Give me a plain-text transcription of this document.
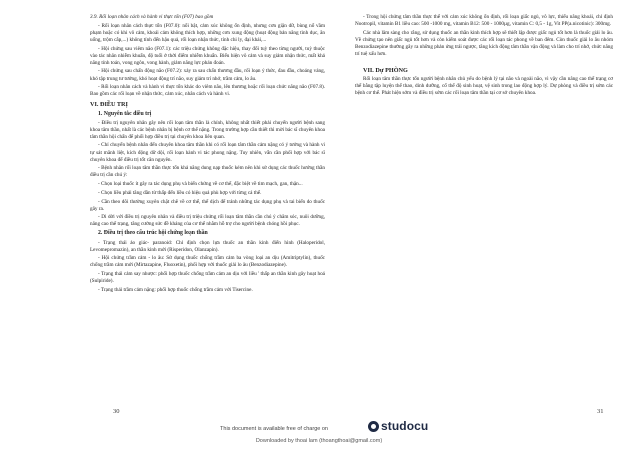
3.9. Rối loạn nhân cách và hành vi thực tổn (F07) bao gồm

- Rối loạn nhân cách thực tổn (F07.0): nổi bật, cảm xúc không ổn định, nhưng cơn giận dữ, bùng nổ vầm phạm hoặc có khi vô cảm, khoái cảm không thích hợp, những cơn xung động (hoạt động bản năng tình dục, ăn uống, trộm cắp,...) không tính đến hậu quả, rối loạn nhận thức, tính chi ly, đại khái,...

- Hội chứng sau viêm não (F07.1): các triệu chứng không đặc hiệu, thay đổi tuỳ theo từng người, tuỳ thuộc vào tác nhân nhiễm khuẩn, độ tuổi ở thời điểm nhiễm khuẩn. Biểu hiện vô cảm và suy giảm nhận thức, mất khả năng tính toán, vong ngôn, vong hành, giảm năng lực phán đoán.

- Hội chứng sau chấn động não (F07.2): xảy ra sau chấn thương đầu, rối loạn ý thức, đau đầu, choáng váng, khó tập trung tư tưởng, khó hoạt động trí não, suy giảm trí nhớ, trầm cảm, lo âu.

- Rối loạn nhân cách và hành vi thực tổn khác do viêm não, lên thương hoặc rối loạn chức năng não (F07.8). Bao gồm các rối loạn về nhận thức, cảm xúc, nhân cách và hành vi.

VI. ĐIỀU TRỊ
1. Nguyên tắc điều trị

- Điều trị nguyên nhân gây nên rối loạn tâm thần là chính, không nhất thiết phải chuyển người bệnh sang khoa tâm thần, nhất là các bệnh nhân bị bệnh cơ thể nặng. Trong trường hợp cần thiết thì mời bác sĩ chuyên khoa tâm thần hội chẩn để phối hợp điều trị tại chuyên khoa liên quan.

- Chỉ chuyển bệnh nhân đến chuyên khoa tâm thần khi có rối loạn tâm thần cảm nặng có ý tưởng và hành vi tự sát mãnh liệt, kích động dữ dội, rối loạn hành vi tác phong nặng. Tuy nhiên, vẫn cần phối hợp với bác sĩ chuyên khoa để điều trị tốt căn nguyên.

- Bệnh nhân rối loạn tâm thần thực tổn khả năng dung nạp thuốc kém nên khi sử dụng các thuốc hướng thần điều trị cần chú ý:

- Chọn loại thuốc ít gây ra tác dụng phụ và biến chứng về cơ thể, đặc biệt về tim mạch, gan, thận...

- Chọn liều phải tăng dần từ thấp đến liều có hiệu quả phù hợp với từng cá thể.

- Cần theo dõi thường xuyên chặt chẽ về cơ thể, thể dịch để tránh những tác dụng phụ và tai biến do thuốc gây ra.

- Di dời với điều trị nguyên nhân và điều trị triệu chứng rối loạn tâm thần cần chú ý chăm sóc, nuôi dưỡng, nâng cao thể trạng, tăng cường sức đề kháng của cơ thể nhằm hỗ trợ cho người bệnh chóng hồi phục.

2. Điều trị theo cấu trúc hội chứng loạn thần

- Trạng thái ảo giác- paranoid: Chỉ định chọn lựa thuốc an thần kinh điển hình (Haloperidol, Levomepromazin), an thần kinh mới (Risperidon, Olanzapin).

- Hội chứng trầm cảm - lo âu: Sử dụng thuốc chống trầm cảm ba vòng loại an dịu (Amitriptylin), thuốc chống trầm cảm mới (Mirtazapine, Fluoxetin), phối hợp với thuốc giải lo âu (Benzodiazepine).

- Trạng thái cảm say nhược: phối hợp thuốc chống trầm cảm an dịu với liều ' thấp an thần kinh gây hoạt hoá (Sulpiride).

- Trạng thái trầm cảm nặng: phối hợp thuốc chống trầm cảm với Tisercine.

- Trong hội chứng tâm thần thực thể với cảm xúc không ổn định, rối loạn giấc ngủ, vô lực, thiểu năng khoái, chỉ định Nootropil, vitamin B1 liều cao: 500 -1000 mg, vitamin B12: 500 - 1000µg, vitamin C: 0,5 - 1g, Vit PP(a.nicotinic): 300mg.

Các nhà lâm sàng cho rằng, sử dụng thuốc an thần kinh thích hợp sẽ thiết lập được giấc ngủ tốt hơn là thuốc giải lo âu. Về chứng tạo nên giấc ngủ tốt hơn và còn kiểm soát được các rối loạn tác phong về ban đêm. Còn thuốc giải lo âu nhóm Benzodiazepine thường gây ra những phản ứng trái ngược, tăng kích động tâm thần vận động và làm cho trí nhớ, chức năng trí tuệ xấu hơn.

VII. Dự PHÒNG

Rối loạn tâm thần thực tổn người bệnh nhân chủ yếu do bệnh lý tại não và ngoài não, vì vậy cần nâng cao thể trạng cơ thể bằng tập luyện thể thao, dinh dưỡng, cố thể độ sinh hoạt, vệ sinh trong lao động hợp lý. Dự phòng và điều trị sớm các bệnh cơ thể. Phát hiện sớm và điều trị sớm các rối loạn tâm thần tại cơ sở chuyên khoa.

30	31
studocu
This document is available free of charge on
Downloaded by thoai lam (thoangthoai@gmail.com)
